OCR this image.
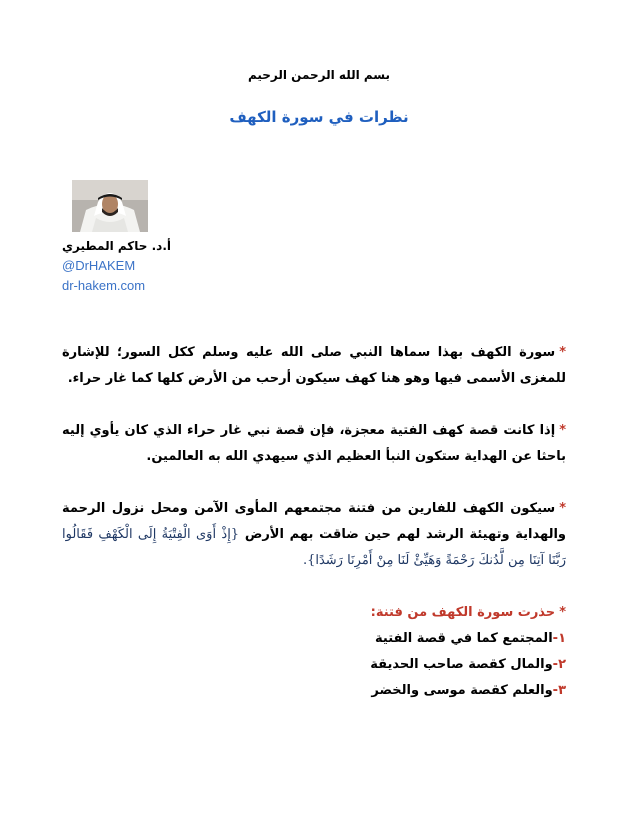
بسم الله الرحمن الرحيم
نظرات في سورة الكهف
أ.د. حاكم المطيري
@DrHAKEM
dr-hakem.com

*سورة الكهف بهذا سماها النبي صلى الله عليه وسلم ككل السور؛ للإشارة للمغزى الأسمى فيها وهو هنا كهف سيكون أرحب من الأرض كلها كما غار حراء.

*إذا كانت قصة كهف الفتية معجزة، فإن قصة نبي غار حراء الذي كان يأوي إليه باحثا عن الهداية ستكون النبأ العظيم الذي سيهدي الله به العالمين.

*سيكون الكهف للفارين من فتنة مجتمعهم المأوى الآمن ومحل نزول الرحمة والهداية وتهيئة الرشد لهم حين ضاقت بهم الأرض {إِذْ أَوَى الْفِتْيَةُ إِلَى الْكَهْفِ فَقَالُوا رَبَّنَا آتِنَا مِن لَّدُنكَ رَحْمَةً وَهَيِّئْ لَنَا مِنْ أَمْرِنَا رَشَدًا}.

*حذرت سورة الكهف من فتنة:
١-المجتمع كما في قصة الفتية
٢-والمال كقصة صاحب الحديقة
٣-والعلم كقصة موسى والخضر
